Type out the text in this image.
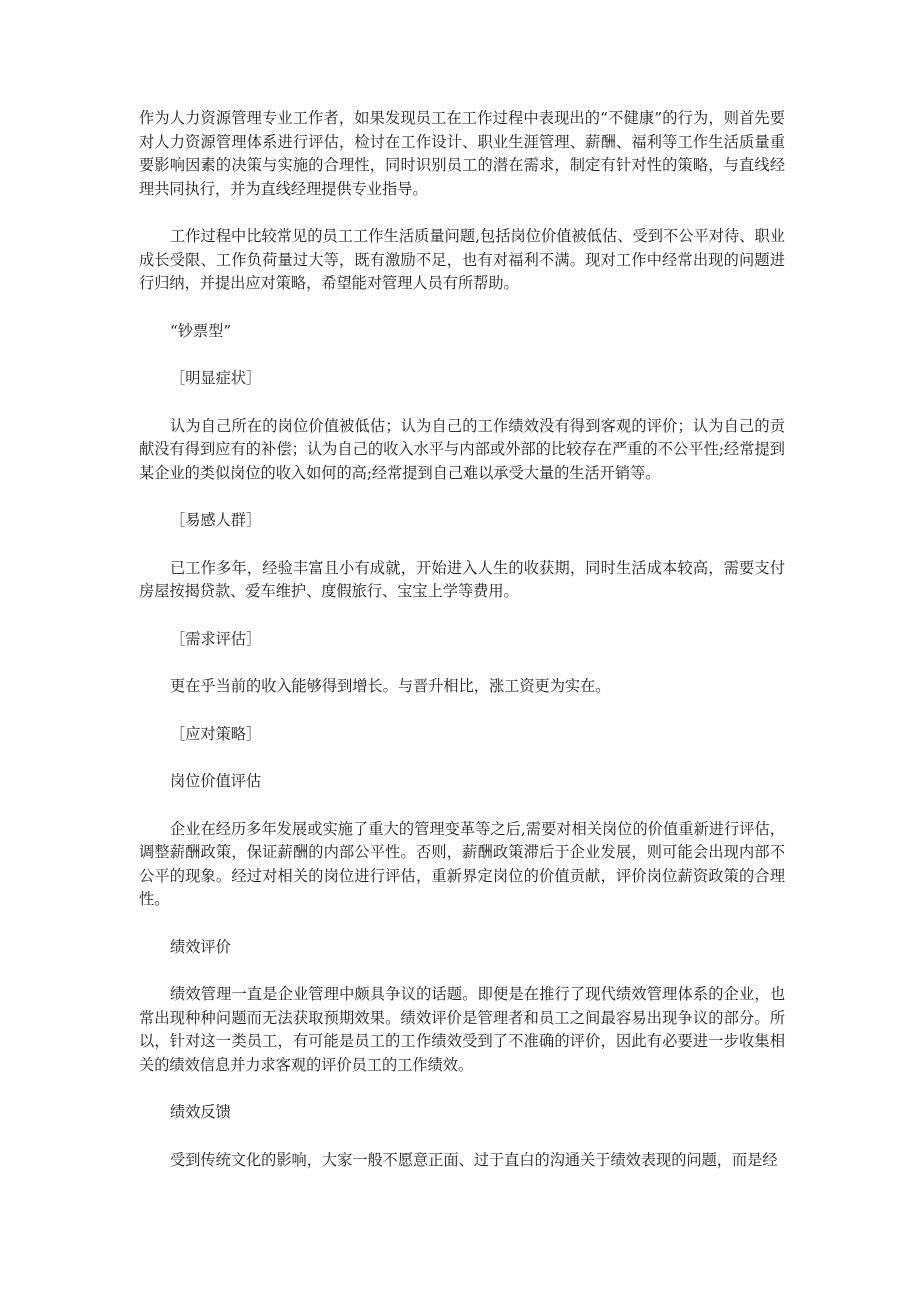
作为人力资源管理专业工作者，如果发现员工在工作过程中表现出的“不健康”的行为，则首先要对人力资源管理体系进行评估，检讨在工作设计、职业生涯管理、薪酬、福利等工作生活质量重要影响因素的决策与实施的合理性，同时识别员工的潜在需求，制定有针对性的策略，与直线经理共同执行，并为直线经理提供专业指导。

工作过程中比较常见的员工工作生活质量问题,包括岗位价值被低估、受到不公平对待、职业成长受限、工作负荷量过大等，既有激励不足，也有对福利不满。现对工作中经常出现的问题进行归纳，并提出应对策略，希望能对管理人员有所帮助。

“钞票型”

［明显症状］

认为自己所在的岗位价值被低估；认为自己的工作绩效没有得到客观的评价；认为自己的贡献没有得到应有的补偿；认为自己的收入水平与内部或外部的比较存在严重的不公平性;经常提到某企业的类似岗位的收入如何的高;经常提到自己难以承受大量的生活开销等。

［易感人群］

已工作多年，经验丰富且小有成就，开始进入人生的收获期，同时生活成本较高，需要支付房屋按揭贷款、爱车维护、度假旅行、宝宝上学等费用。

［需求评估］

更在乎当前的收入能够得到增长。与晋升相比，涨工资更为实在。

［应对策略］

岗位价值评估

企业在经历多年发展或实施了重大的管理变革等之后,需要对相关岗位的价值重新进行评估，调整薪酬政策，保证薪酬的内部公平性。否则，薪酬政策滞后于企业发展，则可能会出现内部不公平的现象。经过对相关的岗位进行评估，重新界定岗位的价值贡献，评价岗位薪资政策的合理性。

绩效评价

绩效管理一直是企业管理中颇具争议的话题。即便是在推行了现代绩效管理体系的企业，也常出现种种问题而无法获取预期效果。绩效评价是管理者和员工之间最容易出现争议的部分。所以，针对这一类员工，有可能是员工的工作绩效受到了不准确的评价，因此有必要进一步收集相关的绩效信息并力求客观的评价员工的工作绩效。

绩效反馈

受到传统文化的影响，大家一般不愿意正面、过于直白的沟通关于绩效表现的问题，而是经
